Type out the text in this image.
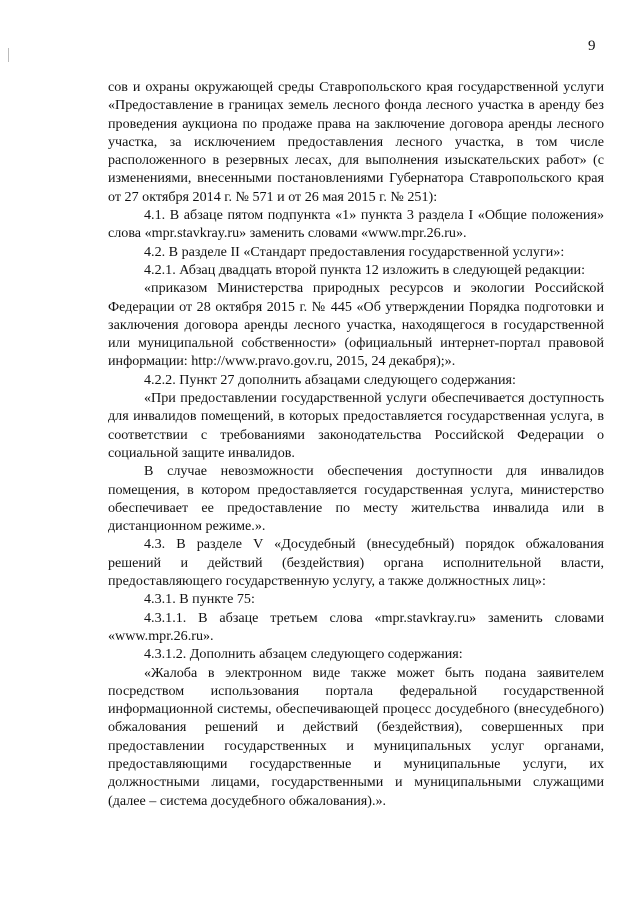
9

сов и охраны окружающей среды Ставропольского края государственной услуги «Предоставление в границах земель лесного фонда лесного участка в аренду без проведения аукциона по продаже права на заключение договора аренды лесного участка, за исключением предоставления лесного участка, в том числе расположенного в резервных лесах, для выполнения изыскательских работ» (с изменениями, внесенными постановлениями Губернатора Ставропольского края от 27 октября 2014 г. № 571 и от 26 мая 2015 г. № 251):

4.1. В абзаце пятом подпункта «1» пункта 3 раздела I «Общие положения» слова «mpr.stavkray.ru» заменить словами «www.mpr.26.ru».

4.2. В разделе II «Стандарт предоставления государственной услуги»:

4.2.1. Абзац двадцать второй пункта 12 изложить в следующей редакции:

«приказом Министерства природных ресурсов и экологии Российской Федерации от 28 октября 2015 г. № 445 «Об утверждении Порядка подготовки и заключения договора аренды лесного участка, находящегося в государственной или муниципальной собственности» (официальный интернет-портал правовой информации: http://www.pravo.gov.ru, 2015, 24 декабря);».

4.2.2. Пункт 27 дополнить абзацами следующего содержания:

«При предоставлении государственной услуги обеспечивается доступность для инвалидов помещений, в которых предоставляется государственная услуга, в соответствии с требованиями законодательства Российской Федерации о социальной защите инвалидов.

В случае невозможности обеспечения доступности для инвалидов помещения, в котором предоставляется государственная услуга, министерство обеспечивает ее предоставление по месту жительства инвалида или в дистанционном режиме.».

4.3. В разделе V «Досудебный (внесудебный) порядок обжалования решений и действий (бездействия) органа исполнительной власти, предоставляющего государственную услугу, а также должностных лиц»:

4.3.1. В пункте 75:

4.3.1.1. В абзаце третьем слова «mpr.stavkray.ru» заменить словами «www.mpr.26.ru».

4.3.1.2. Дополнить абзацем следующего содержания:

«Жалоба в электронном виде также может быть подана заявителем посредством использования портала федеральной государственной информационной системы, обеспечивающей процесс досудебного (внесудебного) обжалования решений и действий (бездействия), совершенных при предоставлении государственных и муниципальных услуг органами, предоставляющими государственные и муниципальные услуги, их должностными лицами, государственными и муниципальными служащими (далее – система досудебного обжалования).».
